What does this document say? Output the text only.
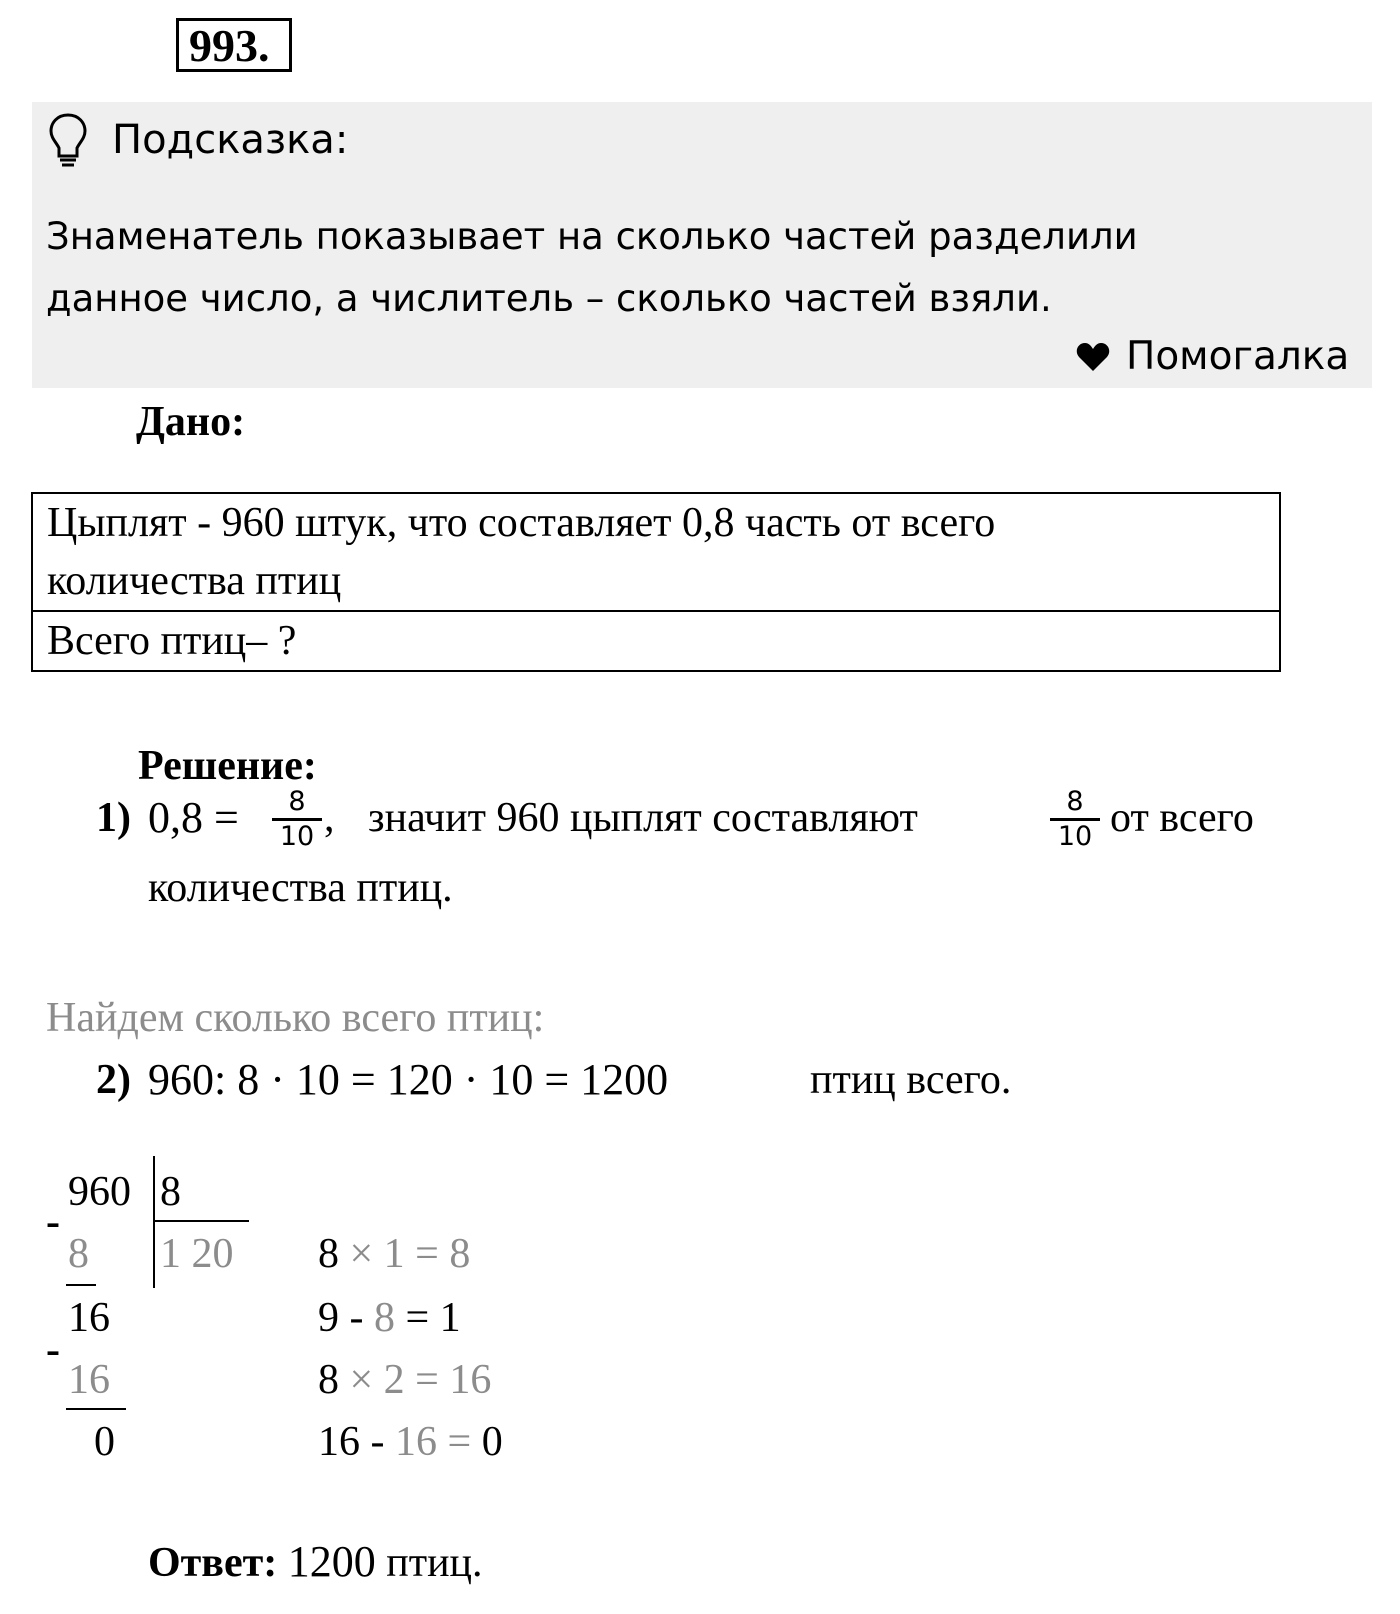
993.
Подсказка:
Знаменатель показывает на сколько частей разделили
данное число, а числитель – сколько частей взяли.
Помогалка
Дано:
Цыплят - 960 штук, что составляет 0,8 часть от всего
количества птиц
Всего птиц– ?
Решение:
1) 0,8 =	8
10 , значит 960 цыплят составляют	8
10 от всего
количества птиц.
Найдем сколько всего птиц:
2) 960: 8 · 10 = 120 · 10 = 1200	птиц всего.
960 8
1 20
-
8
16
-
16
0
8 × 1 = 8
9 - 8 = 1
8 × 2 = 16
16 - 16 = 0
Ответ: 1200 птиц.
